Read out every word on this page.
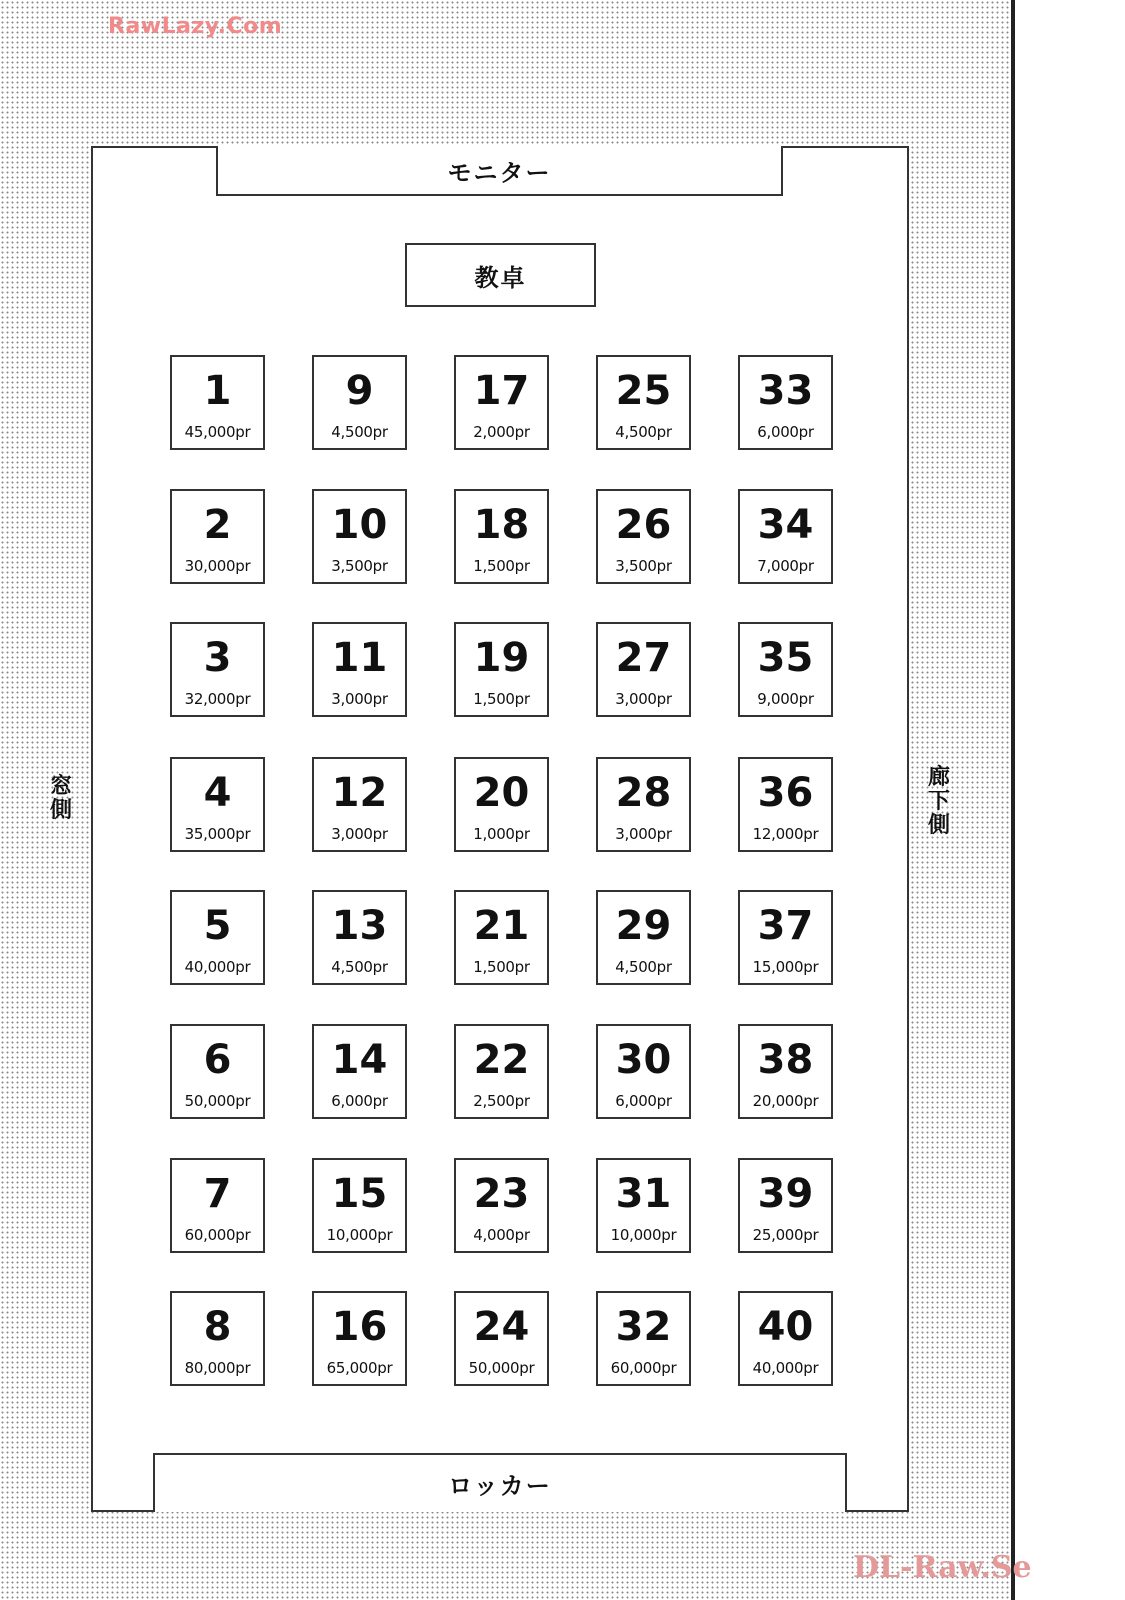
RawLazy.Com
DL-Raw.Se
モニター
教卓
ロッカー
窓
側
廊
下
側
1
45,000pr
2
30,000pr
3
32,000pr
4
35,000pr
5
40,000pr
6
50,000pr
7
60,000pr
8
80,000pr
9
4,500pr
10
3,500pr
11
3,000pr
12
3,000pr
13
4,500pr
14
6,000pr
15
10,000pr
16
65,000pr
17
2,000pr
18
1,500pr
19
1,500pr
20
1,000pr
21
1,500pr
22
2,500pr
23
4,000pr
24
50,000pr
25
4,500pr
26
3,500pr
27
3,000pr
28
3,000pr
29
4,500pr
30
6,000pr
31
10,000pr
32
60,000pr
33
6,000pr
34
7,000pr
35
9,000pr
36
12,000pr
37
15,000pr
38
20,000pr
39
25,000pr
40
40,000pr
